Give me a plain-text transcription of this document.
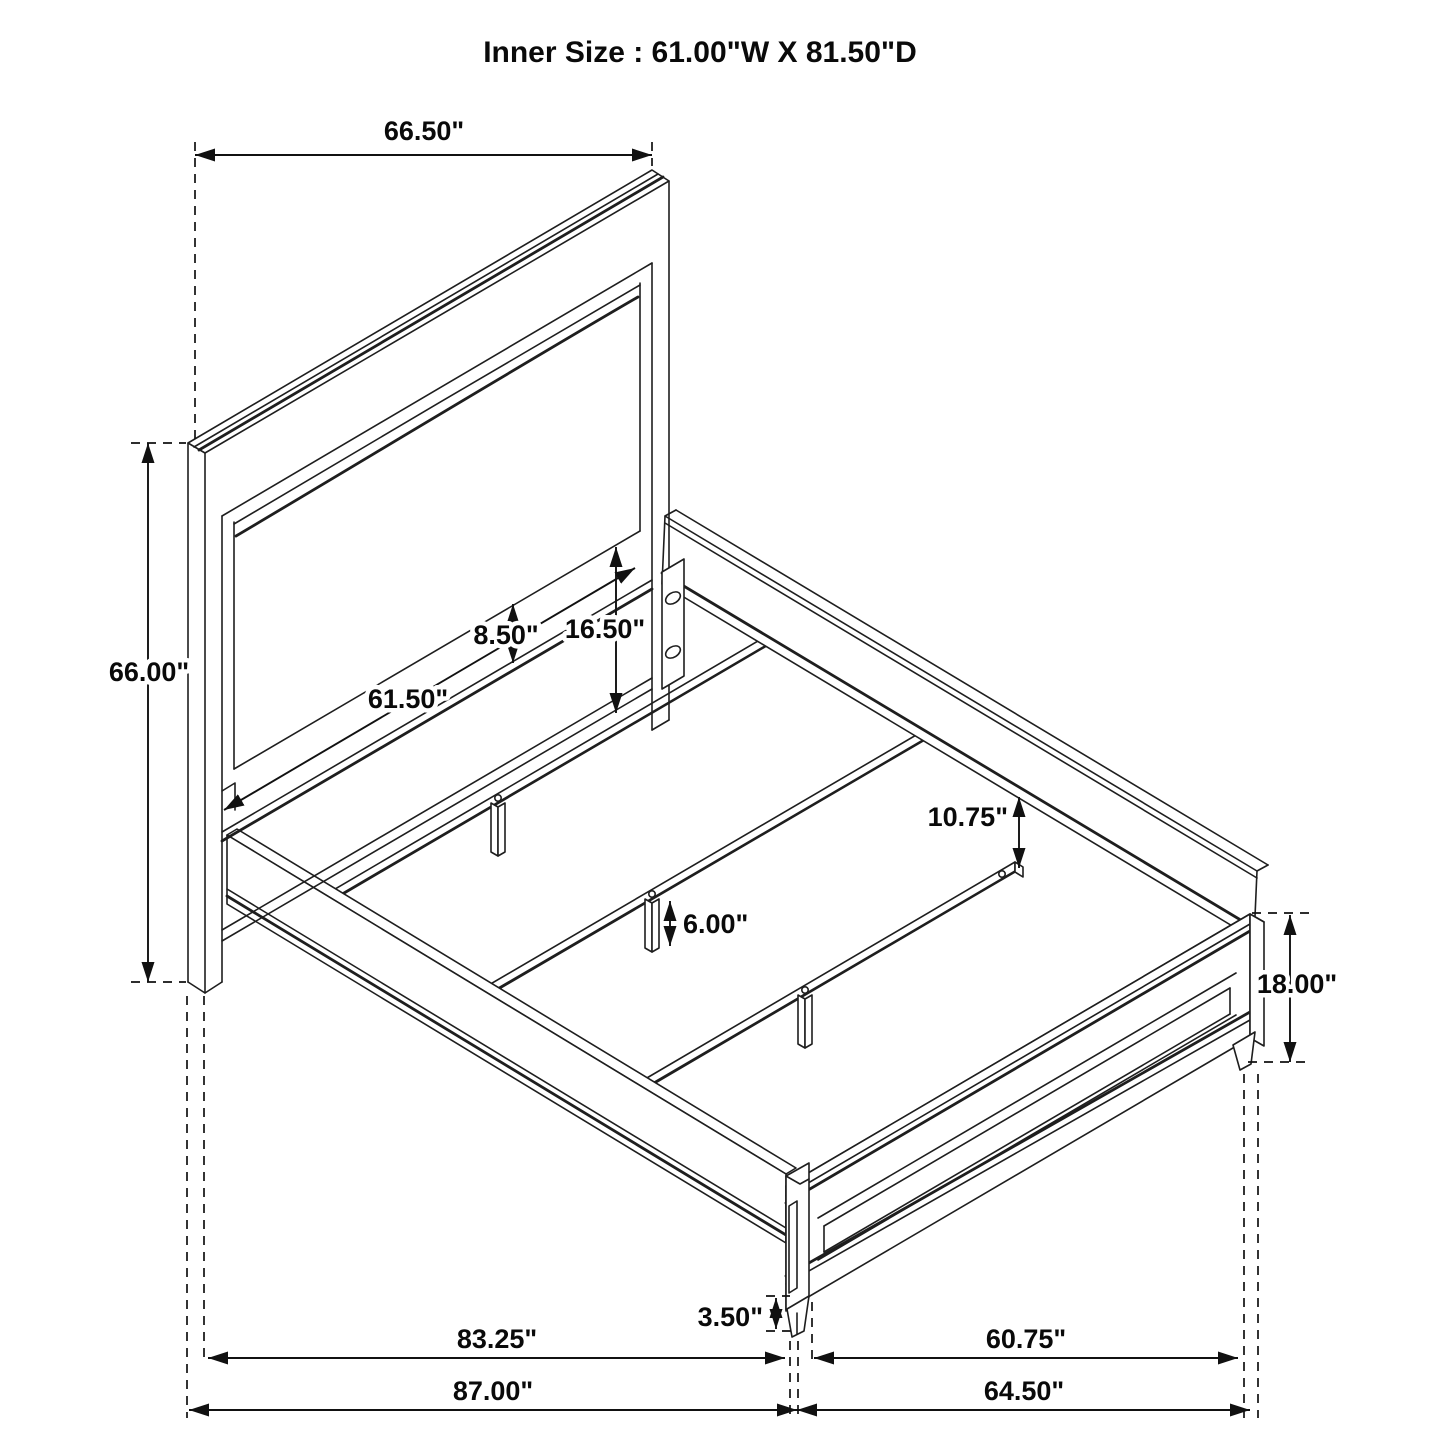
66.50"
66.00"
61.50"
8.50" 16.50"
10.75"
6.00"
18.00"
3.50"
83.25"	60.75"
87.00"	64.50"
Inner Size : 61.00"W X 81.50"D
